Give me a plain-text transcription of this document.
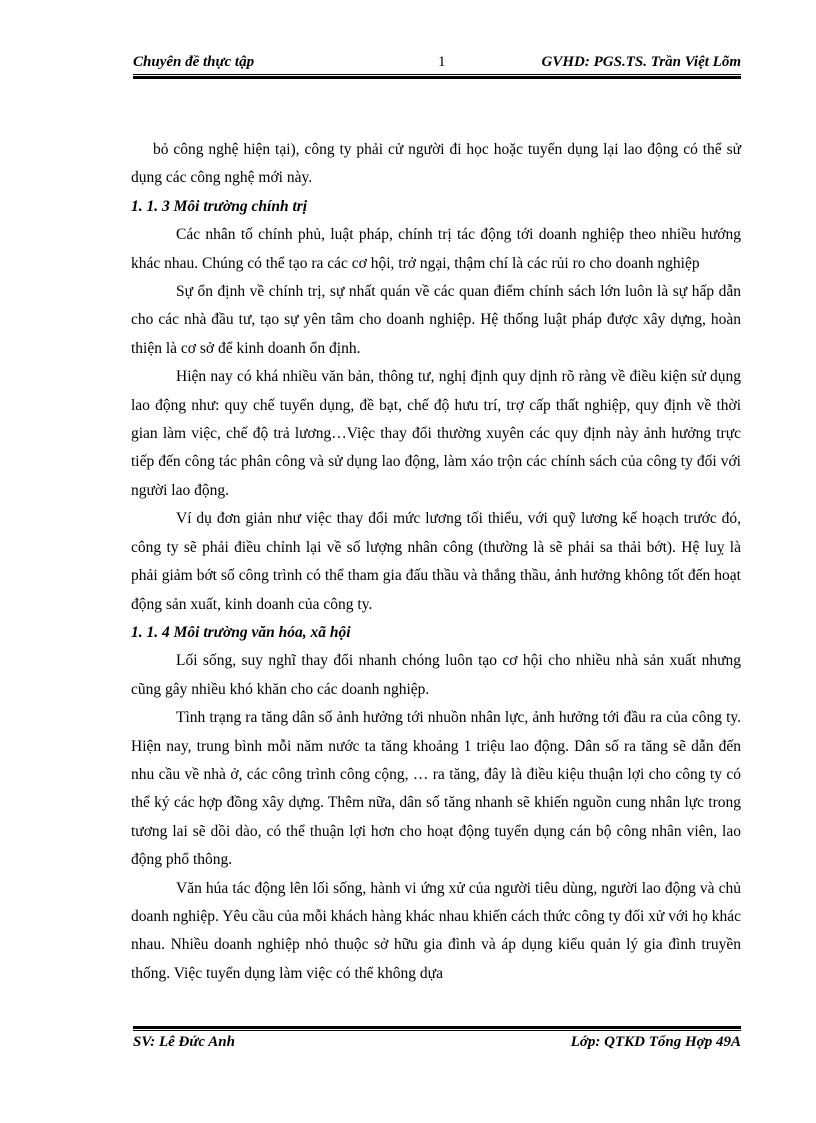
Chuyên đề thực tập	1	GVHD: PGS.TS. Trần Việt Lõm

bỏ công nghệ hiện tại), công ty phải cử người đi học hoặc tuyển dụng lại lao động có thể sử dụng các công nghệ mới này.

1. 1. 3 Môi trường chính trị

Các nhân tố chính phủ, luật pháp, chính trị tác động tới doanh nghiệp theo nhiều hướng khác nhau. Chúng có thể tạo ra các cơ hội, trở ngại, thậm chí là các rủi ro cho doanh nghiệp

Sự ổn định về chính trị, sự nhất quán về các quan điểm chính sách lớn luôn là sự hấp dẫn cho các nhà đầu tư, tạo sự yên tâm cho doanh nghiệp. Hệ thống luật pháp được xây dựng, hoàn thiện là cơ sở để kinh doanh ổn định.

Hiện nay có khá nhiều văn bản, thông tư, nghị định quy dịnh rõ ràng về điều kiện sử dụng lao động như: quy chế tuyển dụng, đề bạt, chế độ hưu trí, trợ cấp thất nghiệp, quy định về thời gian làm việc, chế độ trả lương…Việc thay đổi thường xuyên các quy định này ảnh hưởng trực tiếp đến công tác phân công và sử dụng lao động, làm xáo trộn các chính sách của công ty đối với người lao động.

Ví dụ đơn giản như việc thay đổi mức lương tối thiểu, với quỹ lương kế hoạch trước đó, công ty sẽ phải điều chỉnh lại về số lượng nhân công (thường là sẽ phải sa thải bớt). Hệ luỵ là phải giảm bớt số công trình có thể tham gia đấu thầu và thắng thầu, ảnh hưởng không tốt đến hoạt động sản xuất, kinh doanh của công ty.

1. 1. 4 Môi trường văn hóa, xã hội

Lối sống, suy nghĩ thay đổi nhanh chóng luôn tạo cơ hội cho nhiều nhà sản xuất nhưng cũng gây nhiều khó khăn cho các doanh nghiệp.

Tình trạng ra tăng dân số ảnh hưởng tới nhuồn nhân lực, ảnh hưởng tới đầu ra của công ty. Hiện nay, trung bình mỗi năm nước ta tăng khoảng 1 triệu lao động. Dân số ra tăng sẽ dẫn đến nhu cầu về nhà ở, các công trình công cộng, … ra tăng, đây là điều kiệu thuận lợi cho công ty có thể ký các hợp đồng xây dựng. Thêm nữa, dân số tăng nhanh sẽ khiến nguồn cung nhân lực trong tương lai sẽ dồi dào, có thể thuận lợi hơn cho hoạt động tuyển dụng cán bộ công nhân viên, lao động phổ thông.

Văn húa tác động lên lối sống, hành vi ứng xử của người tiêu dùng, người lao động và chủ doanh nghiệp. Yêu cầu của mỗi khách hàng khác nhau khiến cách thức công ty đối xử với họ khác nhau. Nhiều doanh nghiệp nhỏ thuộc sở hữu gia đình và áp dụng kiểu quản lý gia đình truyền thống. Việc tuyển dụng làm việc có thể không dựa

SV: Lê Đức Anh	Lớp: QTKD Tổng Hợp 49A
